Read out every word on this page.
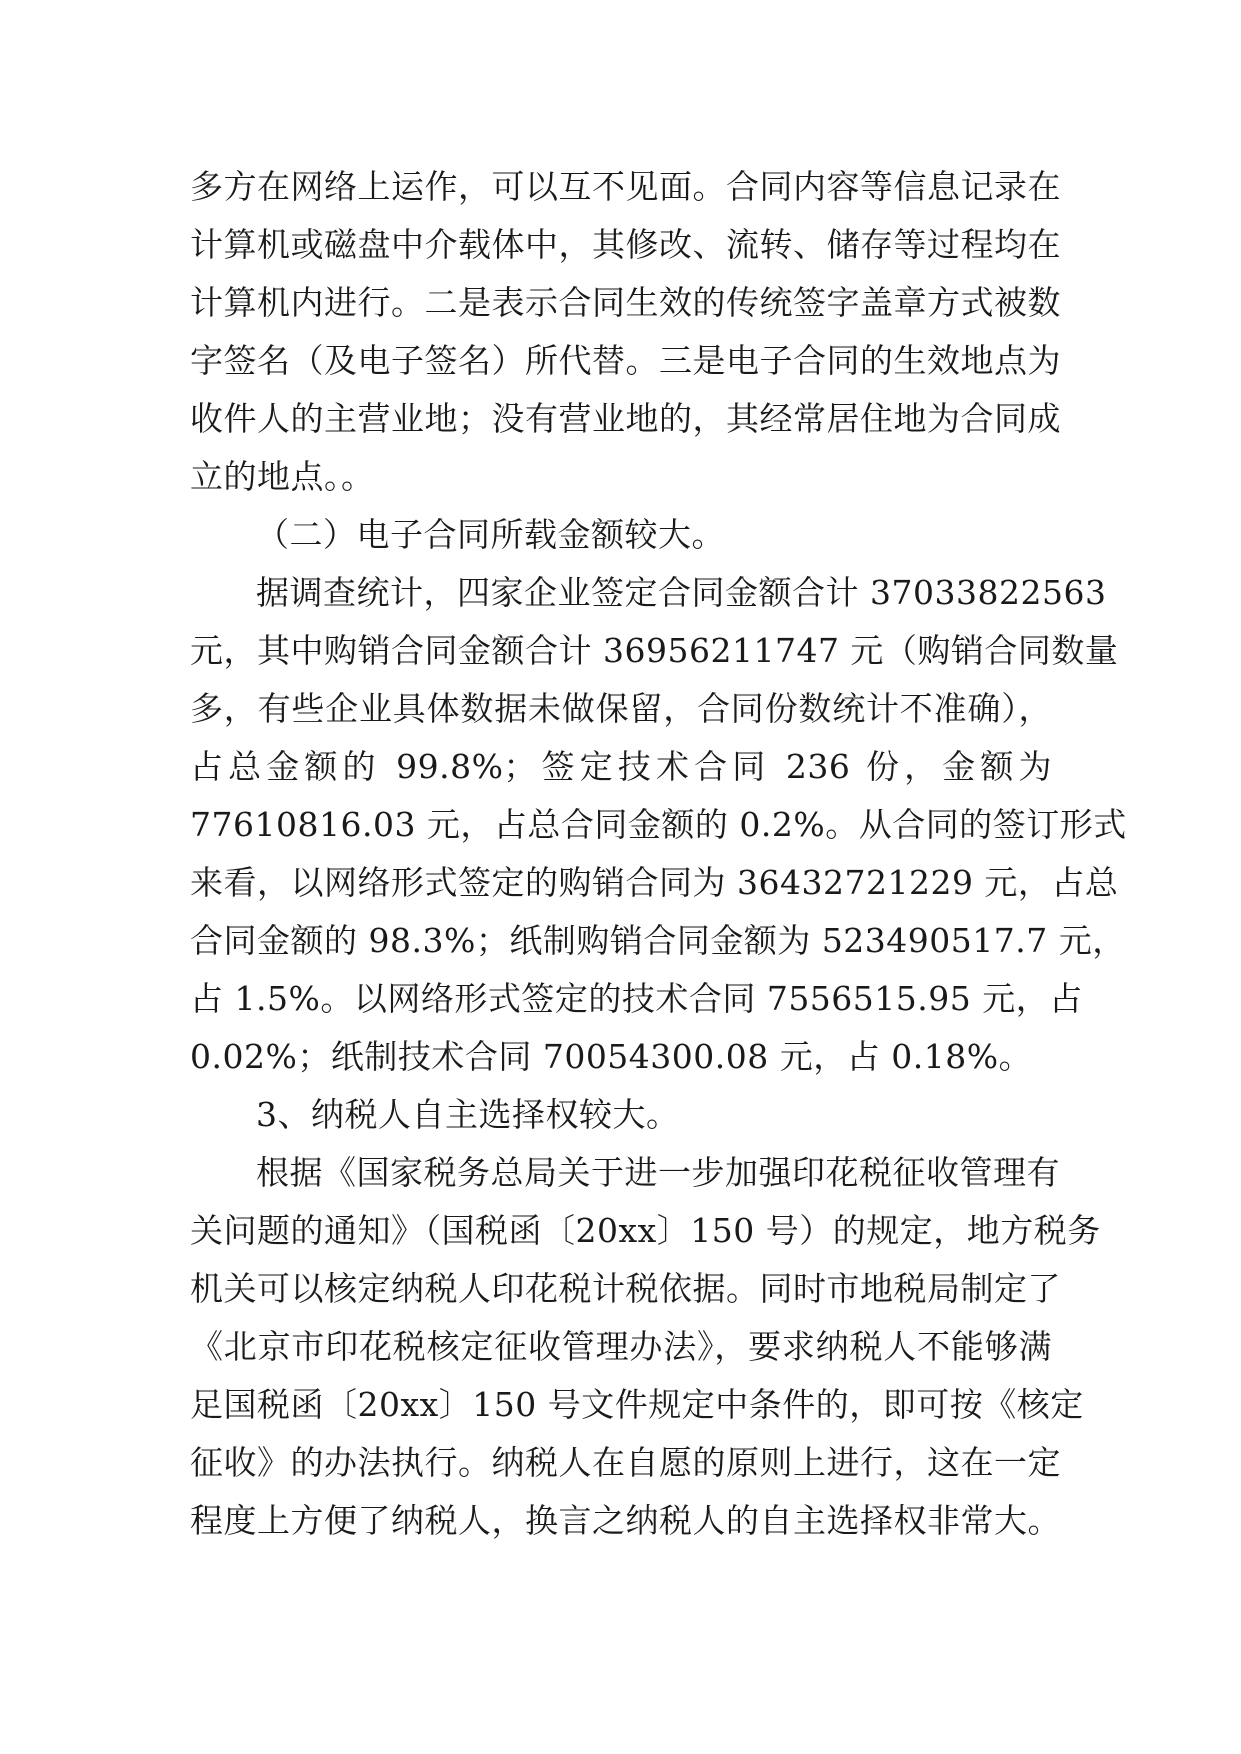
多方在网络上运作，可以互不见面。合同内容等信息记录在
计算机或磁盘中介载体中，其修改、流转、储存等过程均在
计算机内进行。二是表示合同生效的传统签字盖章方式被数
字签名（及电子签名）所代替。三是电子合同的生效地点为
收件人的主营业地；没有营业地的，其经常居住地为合同成
立的地点。。
（二）电子合同所载金额较大。
据调查统计，四家企业签定合同金额合计 37033822563
元，其中购销合同金额合计 36956211747 元（购销合同数量
多，有些企业具体数据未做保留，合同份数统计不准确），
占总金额的 99.8%；签定技术合同 236 份，金额为
77610816.03 元，占总合同金额的 0.2%。从合同的签订形式
来看，以网络形式签定的购销合同为 36432721229 元，占总
合同金额的 98.3%；纸制购销合同金额为 523490517.7 元，
占 1.5%。以网络形式签定的技术合同 7556515.95 元，占
0.02%；纸制技术合同 70054300.08 元，占 0.18%。
3、纳税人自主选择权较大。
根据《国家税务总局关于进一步加强印花税征收管理有
关问题的通知》（国税函〔20xx〕150 号）的规定，地方税务
机关可以核定纳税人印花税计税依据。同时市地税局制定了
《北京市印花税核定征收管理办法》，要求纳税人不能够满
足国税函〔20xx〕150 号文件规定中条件的，即可按《核定
征收》的办法执行。纳税人在自愿的原则上进行，这在一定
程度上方便了纳税人，换言之纳税人的自主选择权非常大。
